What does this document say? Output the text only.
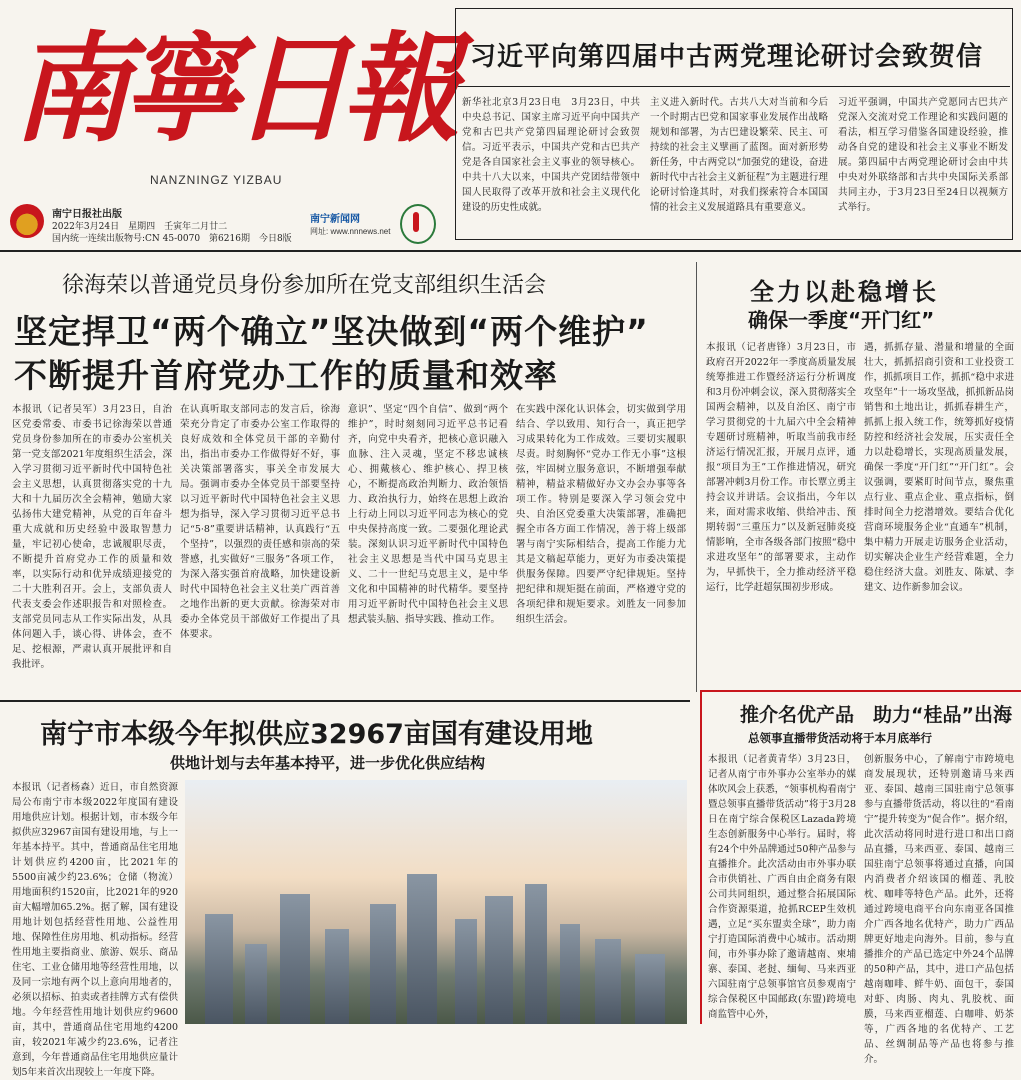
南寧日報
NANZNINGZ YIZBAU
南宁日报社出版
2022年3月24日　星期四　壬寅年二月廿二
国内统一连续出版物号:CN 45-0070　第6216期　今日8版
南宁新闻网
网址: www.nnnews.net
习近平向第四届中古两党理论研讨会致贺信
新华社北京3月23日电　3月23日，中共中央总书记、国家主席习近平向中国共产党和古巴共产党第四届理论研讨会致贺信。习近平表示，中国共产党和古巴共产党是各自国家社会主义事业的领导核心。中共十八大以来，中国共产党团结带领中国人民取得了改革开放和社会主义现代化建设的历史性成就。
主义进入新时代。古共八大对当前和今后一个时期古巴党和国家事业发展作出战略规划和部署，为古巴建设繁荣、民主、可持续的社会主义擘画了蓝图。面对新形势新任务，中古两党以“加强党的建设，奋进新时代中古社会主义新征程”为主题进行理论研讨恰逢其时，对我们探索符合本国国情的社会主义发展道路具有重要意义。
习近平强调，中国共产党愿同古巴共产党深入交流对党工作理论和实践问题的看法，相互学习借鉴各国建设经验，推动各自党的建设和社会主义事业不断发展。第四届中古两党理论研讨会由中共中央对外联络部和古共中央国际关系部共同主办，于3月23日至24日以视频方式举行。
徐海荣以普通党员身份参加所在党支部组织生活会
坚定捍卫“两个确立”坚决做到“两个维护”
不断提升首府党办工作的质量和效率
本报讯（记者吴军）3月23日，自治区党委常委、市委书记徐海荣以普通党员身份参加所在的市委办公室机关第一党支部2021年度组织生活会，深入学习贯彻习近平新时代中国特色社会主义思想，认真贯彻落实党的十九大和十九届历次全会精神，勉励大家弘扬伟大建党精神，从党的百年奋斗重大成就和历史经验中汲取智慧力量，牢记初心使命，忠诚履职尽责，不断提升首府党办工作的质量和效率，以实际行动和优异成绩迎接党的二十大胜利召开。会上，支部负责人代表支委会作述职报告和对照检查。支部党员同志从工作实际出发，从具体问题入手，谈心得、讲体会，查不足、挖根源，严肃认真开展批评和自我批评。
在认真听取支部同志的发言后，徐海荣充分肯定了市委办公室工作取得的良好成效和全体党员干部的辛勤付出，指出市委办工作做得好不好，事关决策部署落实，事关全市发展大局。强调市委办全体党员干部要坚持以习近平新时代中国特色社会主义思想为指导，深入学习贯彻习近平总书记“5·8”重要讲话精神，认真践行“五个坚持”，以强烈的责任感和崇高的荣誉感，扎实做好“三服务”各项工作，为深入落实强首府战略，加快建设新时代中国特色社会主义壮美广西首善之地作出新的更大贡献。徐海荣对市委办全体党员干部做好工作提出了具体要求。
意识”、坚定“四个自信”、做到“两个维护”，时时刻刻同习近平总书记看齐，向党中央看齐，把核心意识融入血脉、注入灵魂，坚定不移忠诚核心、拥戴核心、维护核心、捍卫核心，不断提高政治判断力、政治领悟力、政治执行力，始终在思想上政治上行动上同以习近平同志为核心的党中央保持高度一致。二要强化理论武装。深刻认识习近平新时代中国特色社会主义思想是当代中国马克思主义、二十一世纪马克思主义，是中华文化和中国精神的时代精华。要坚持用习近平新时代中国特色社会主义思想武装头脑、指导实践、推动工作。
在实践中深化认识体会，切实做到学用结合、学以致用、知行合一，真正把学习成果转化为工作成效。三要切实履职尽责。时刻胸怀“党办工作无小事”这根弦，牢固树立服务意识，不断增强奉献精神，精益求精做好办文办会办事等各项工作。特别是要深入学习领会党中央、自治区党委重大决策部署，准确把握全市各方面工作情况，善于将上级部署与南宁实际相结合，提高工作能力尤其是文稿起草能力，更好为市委决策提供服务保障。四要严守纪律规矩。坚持把纪律和规矩挺在前面，严格遵守党的各项纪律和规矩要求。刘胜友一同参加组织生活会。
全力以赴稳增长
确保一季度“开门红”
本报讯（记者唐锋）3月23日，市政府召开2022年一季度高质量发展统筹推进工作暨经济运行分析调度和3月份冲刺会议，深入贯彻落实全国两会精神，以及自治区、南宁市学习贯彻党的十九届六中全会精神专题研讨班精神，听取当前我市经济运行情况汇报，开展月点评，通报“项目为王”工作推进情况，研究部署冲刺3月份工作。市长覃立勇主持会议并讲话。会议指出，今年以来，面对需求收缩、供给冲击、预期转弱“三重压力”以及新冠肺炎疫情影响，全市各级各部门按照“稳中求进攻坚年”的部署要求，主动作为，早抓快干，全力推动经济平稳运行，比学赶超氛围初步形成。
遇，抓抓存量、潜量和增量的全面壮大，抓抓招商引资和工业投资工作，抓抓项目工作，抓抓“稳中求进攻坚年”十一场攻坚战，抓抓新品岗销售和土地出让，抓抓春耕生产，抓抓上报入统工作，统筹抓好疫情防控和经济社会发展，压实责任全力以赴稳增长，实现高质量发展，确保一季度“开门红”“开门红”。会议强调，要紧盯时间节点，聚焦重点行业、重点企业、重点指标，倒排时间全力挖潜增效。要结合优化营商环境服务企业“直通车”机制，集中精力开展走访服务企业活动，切实解决企业生产经营难题，全力稳住经济大盘。刘胜友、陈斌、李建文、边作新参加会议。
南宁市本级今年拟供应32967亩国有建设用地
供地计划与去年基本持平，进一步优化供应结构
本报讯（记者杨森）近日，市自然资源局公布南宁市本级2022年度国有建设用地供应计划。根据计划，市本级今年拟供应32967亩国有建设用地，与上一年基本持平。其中，普通商品住宅用地计划供应约4200亩，比2021年的5500亩减少约23.6%；仓储（物流）用地面积约1520亩，比2021年的920亩大幅增加65.2%。据了解，国有建设用地计划包括经营性用地、公益性用地、保障性住房用地、机动指标。经营性用地主要指商业、旅游、娱乐、商品住宅、工业仓储用地等经营性用地，以及同一宗地有两个以上意向用地者的，必须以招标、拍卖或者挂牌方式有偿供地。今年经营性用地计划供应约9600亩，其中，普通商品住宅用地约4200亩，较2021年减少约23.6%，记者注意到，今年普通商品住宅用地供应量计划5年来首次出现较上一年度下降。
推介名优产品　助力“桂品”出海
总领事直播带货活动将于本月底举行
本报讯（记者黄青华）3月23日，记者从南宁市外事办公室举办的媒体吹风会上获悉，“领事机构看南宁暨总领事直播带货活动”将于3月28日在南宁综合保税区Lazada跨境生态创新服务中心举行。届时，将有24个中外品牌通过50种产品参与直播推介。此次活动由市外事办联合市供销社、广西自由企商务有限公司共同组织，通过整合拓展国际合作资源渠道，抢抓RCEP生效机遇，立足“买东盟卖全球”，助力南宁打造国际消费中心城市。活动期间，市外事办除了邀请越南、柬埔寨、泰国、老挝、缅甸、马来西亚六国驻南宁总领事馆官员参观南宁综合保税区中国邮政(东盟)跨境电商监管中心外，
创新服务中心，了解南宁市跨境电商发展现状，还特别邀请马来西亚、泰国、越南三国驻南宁总领事参与直播带货活动，将以往的“看南宁”提升转变为“促合作”。据介绍，此次活动将同时进行进口和出口商品直播，马来西亚、泰国、越南三国驻南宁总领事将通过直播，向国内消费者介绍该国的榴莲、乳胶枕、咖啡等特色产品。此外，还将通过跨境电商平台向东南亚各国推介广西各地名优特产，助力广西品牌更好地走向海外。目前，参与直播推介的产品已选定中外24个品牌的50种产品，其中，进口产品包括越南咖啡、鲜牛奶、面包干，泰国对虾、肉肠、肉丸、乳胶枕、面膜，马来西亚榴莲、白咖啡、奶茶等，广西各地的名优特产、工艺品、丝绸制品等产品也将参与推介。
